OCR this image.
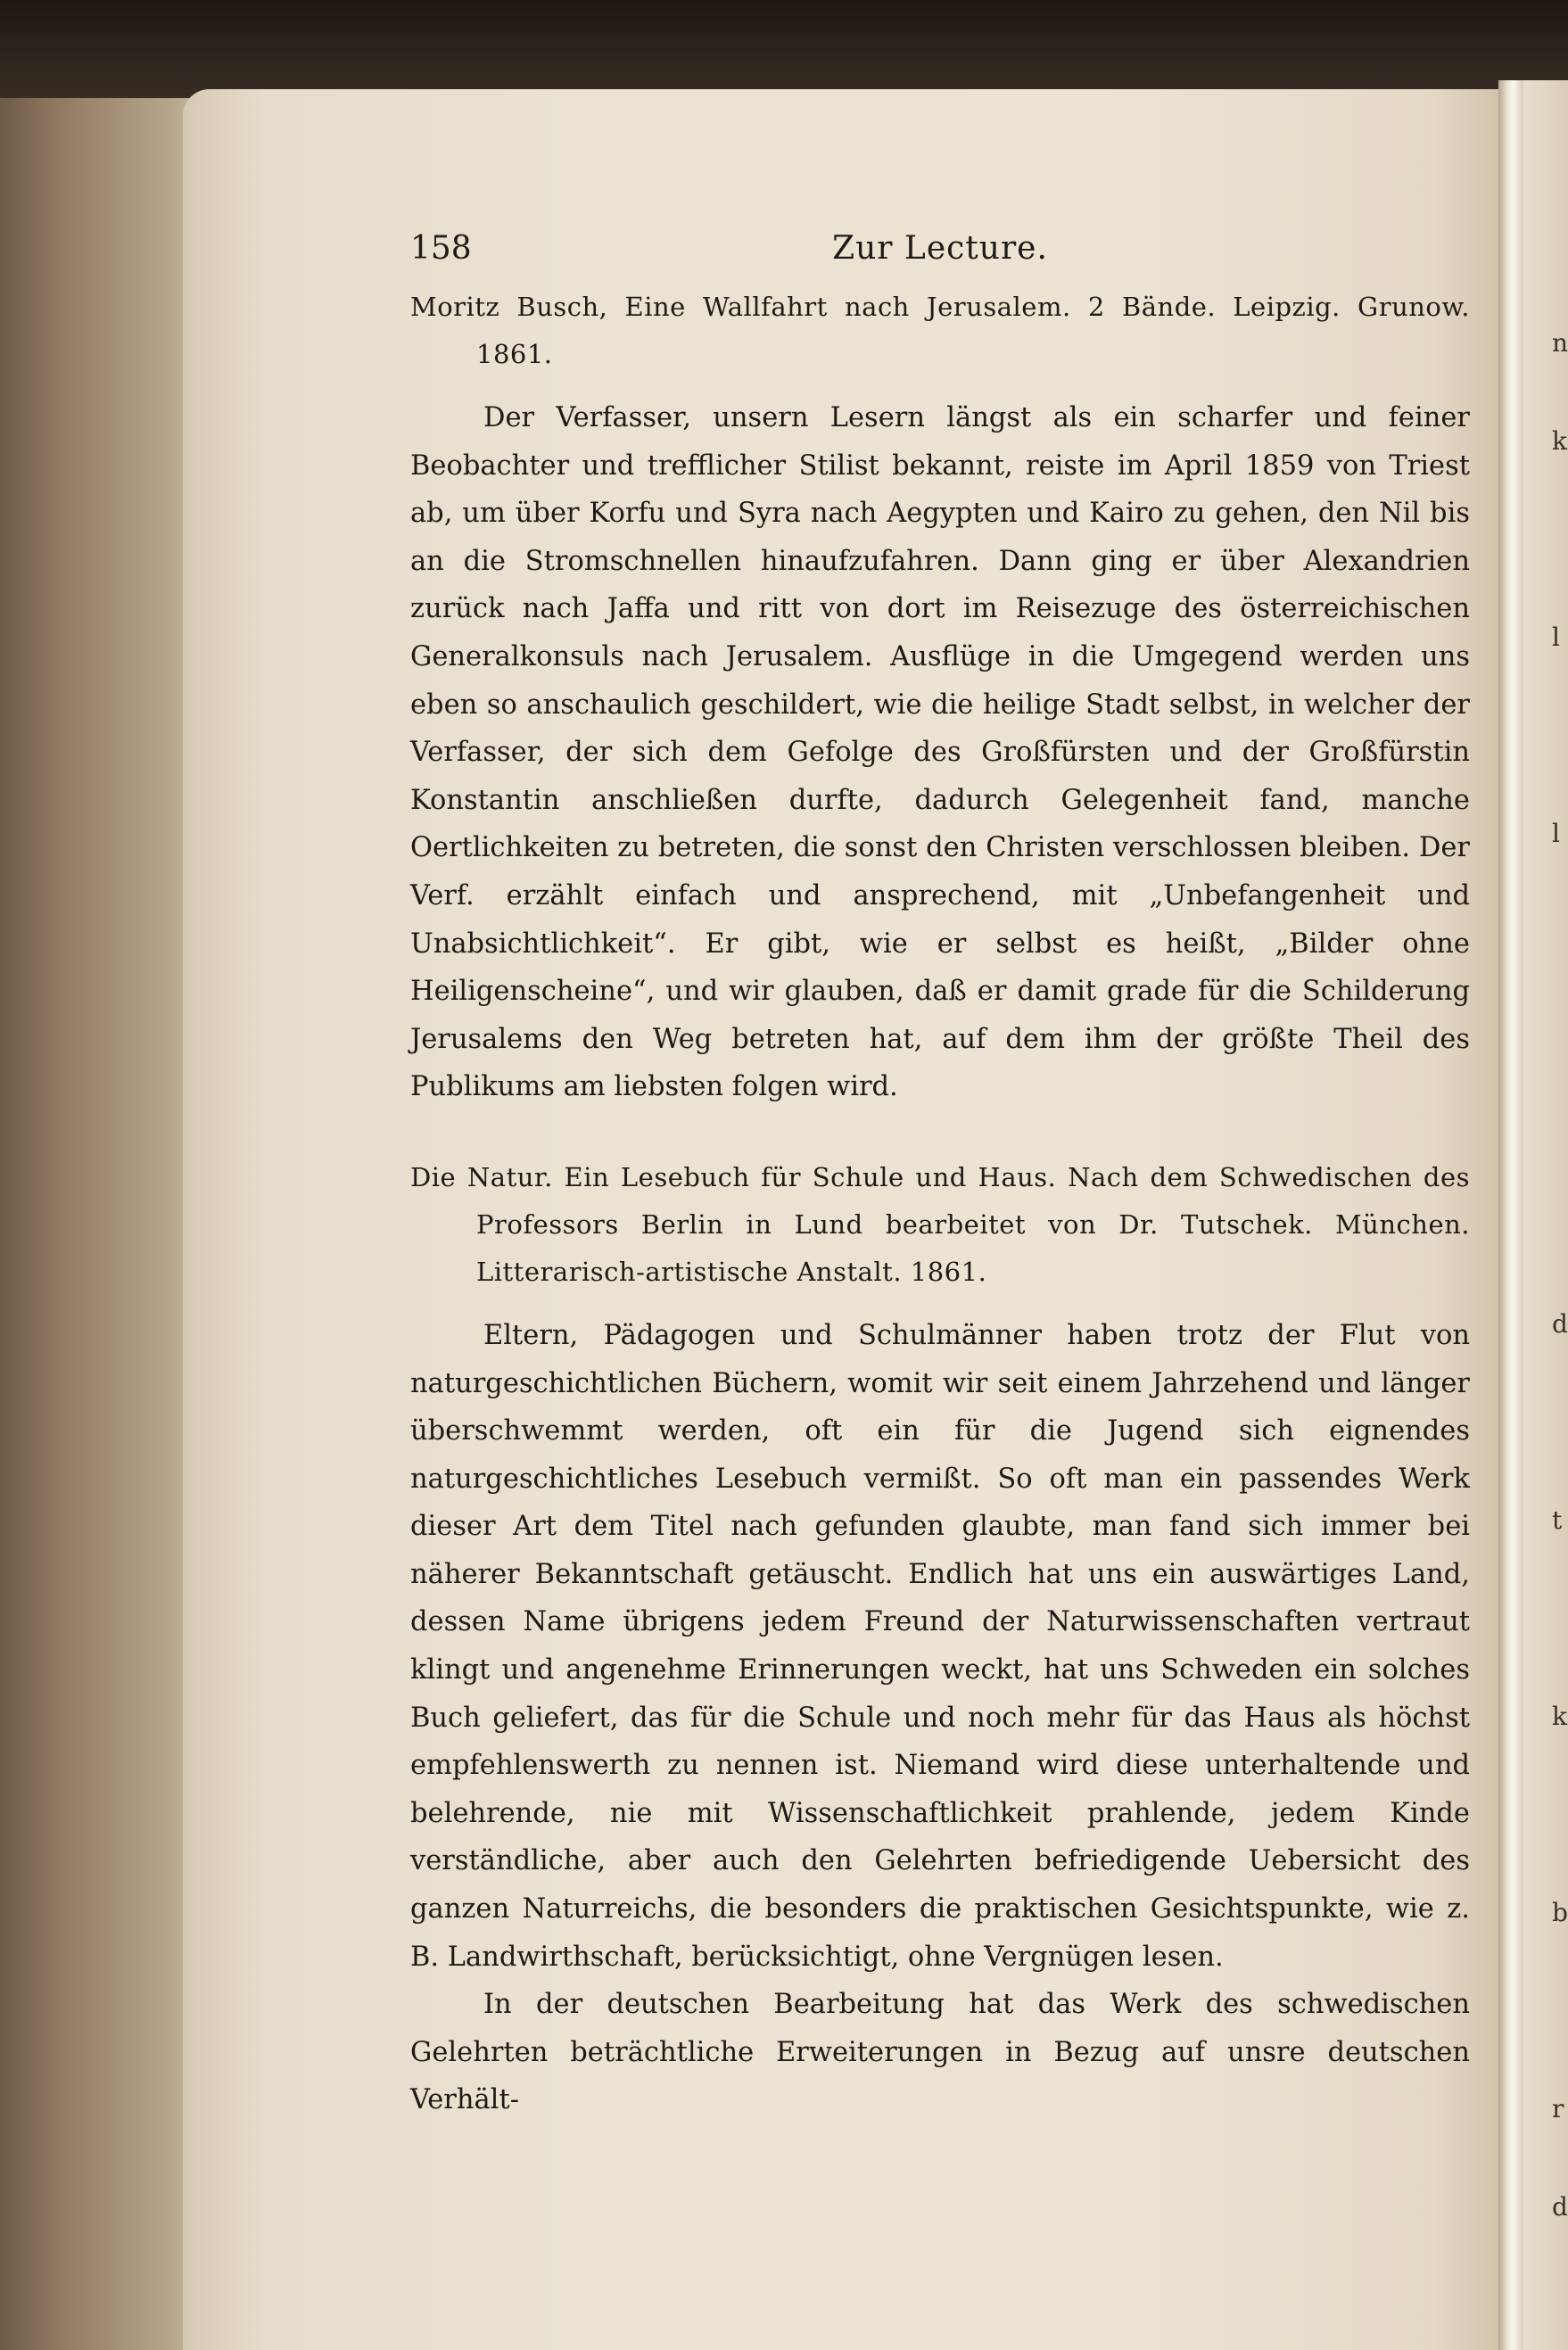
n
k

l

l

d

t

k

b

r
d
158	Zur Lecture.
Moritz Busch, Eine Wallfahrt nach Jerusalem. 2 Bände. Leipzig. Grunow. 1861.

Der Verfasser, unsern Lesern längst als ein scharfer und feiner Beobachter und trefflicher Stilist bekannt, reiste im April 1859 von Triest ab, um über Korfu und Syra nach Aegypten und Kairo zu gehen, den Nil bis an die Stromschnellen hinaufzufahren. Dann ging er über Alexandrien zurück nach Jaffa und ritt von dort im Reisezuge des österreichischen Generalkonsuls nach Jerusalem. Ausflüge in die Umgegend werden uns eben so anschaulich geschildert, wie die heilige Stadt selbst, in welcher der Verfasser, der sich dem Gefolge des Großfürsten und der Großfürstin Konstantin anschließen durfte, dadurch Gelegenheit fand, manche Oertlichkeiten zu betreten, die sonst den Christen verschlossen bleiben. Der Verf. erzählt einfach und ansprechend, mit „Unbefangenheit und Unabsichtlichkeit“. Er gibt, wie er selbst es heißt, „Bilder ohne Heiligenscheine“, und wir glauben, daß er damit grade für die Schilderung Jerusalems den Weg betreten hat, auf dem ihm der größte Theil des Publikums am liebsten folgen wird.

Die Natur. Ein Lesebuch für Schule und Haus. Nach dem Schwedischen des Professors Berlin in Lund bearbeitet von Dr. Tutschek. München. Litterarisch-artistische Anstalt. 1861.

Eltern, Pädagogen und Schulmänner haben trotz der Flut von naturgeschichtlichen Büchern, womit wir seit einem Jahrzehend und länger überschwemmt werden, oft ein für die Jugend sich eignendes naturgeschichtliches Lesebuch vermißt. So oft man ein passendes Werk dieser Art dem Titel nach gefunden glaubte, man fand sich immer bei näherer Bekanntschaft getäuscht. Endlich hat uns ein auswärtiges Land, dessen Name übrigens jedem Freund der Naturwissenschaften vertraut klingt und angenehme Erinnerungen weckt, hat uns Schweden ein solches Buch geliefert, das für die Schule und noch mehr für das Haus als höchst empfehlenswerth zu nennen ist. Niemand wird diese unterhaltende und belehrende, nie mit Wissenschaftlichkeit prahlende, jedem Kinde verständliche, aber auch den Gelehrten befriedigende Uebersicht des ganzen Naturreichs, die besonders die praktischen Gesichtspunkte, wie z. B. Landwirthschaft, berücksichtigt, ohne Vergnügen lesen.

In der deutschen Bearbeitung hat das Werk des schwedischen Gelehrten beträchtliche Erweiterungen in Bezug auf unsre deutschen Verhält-
